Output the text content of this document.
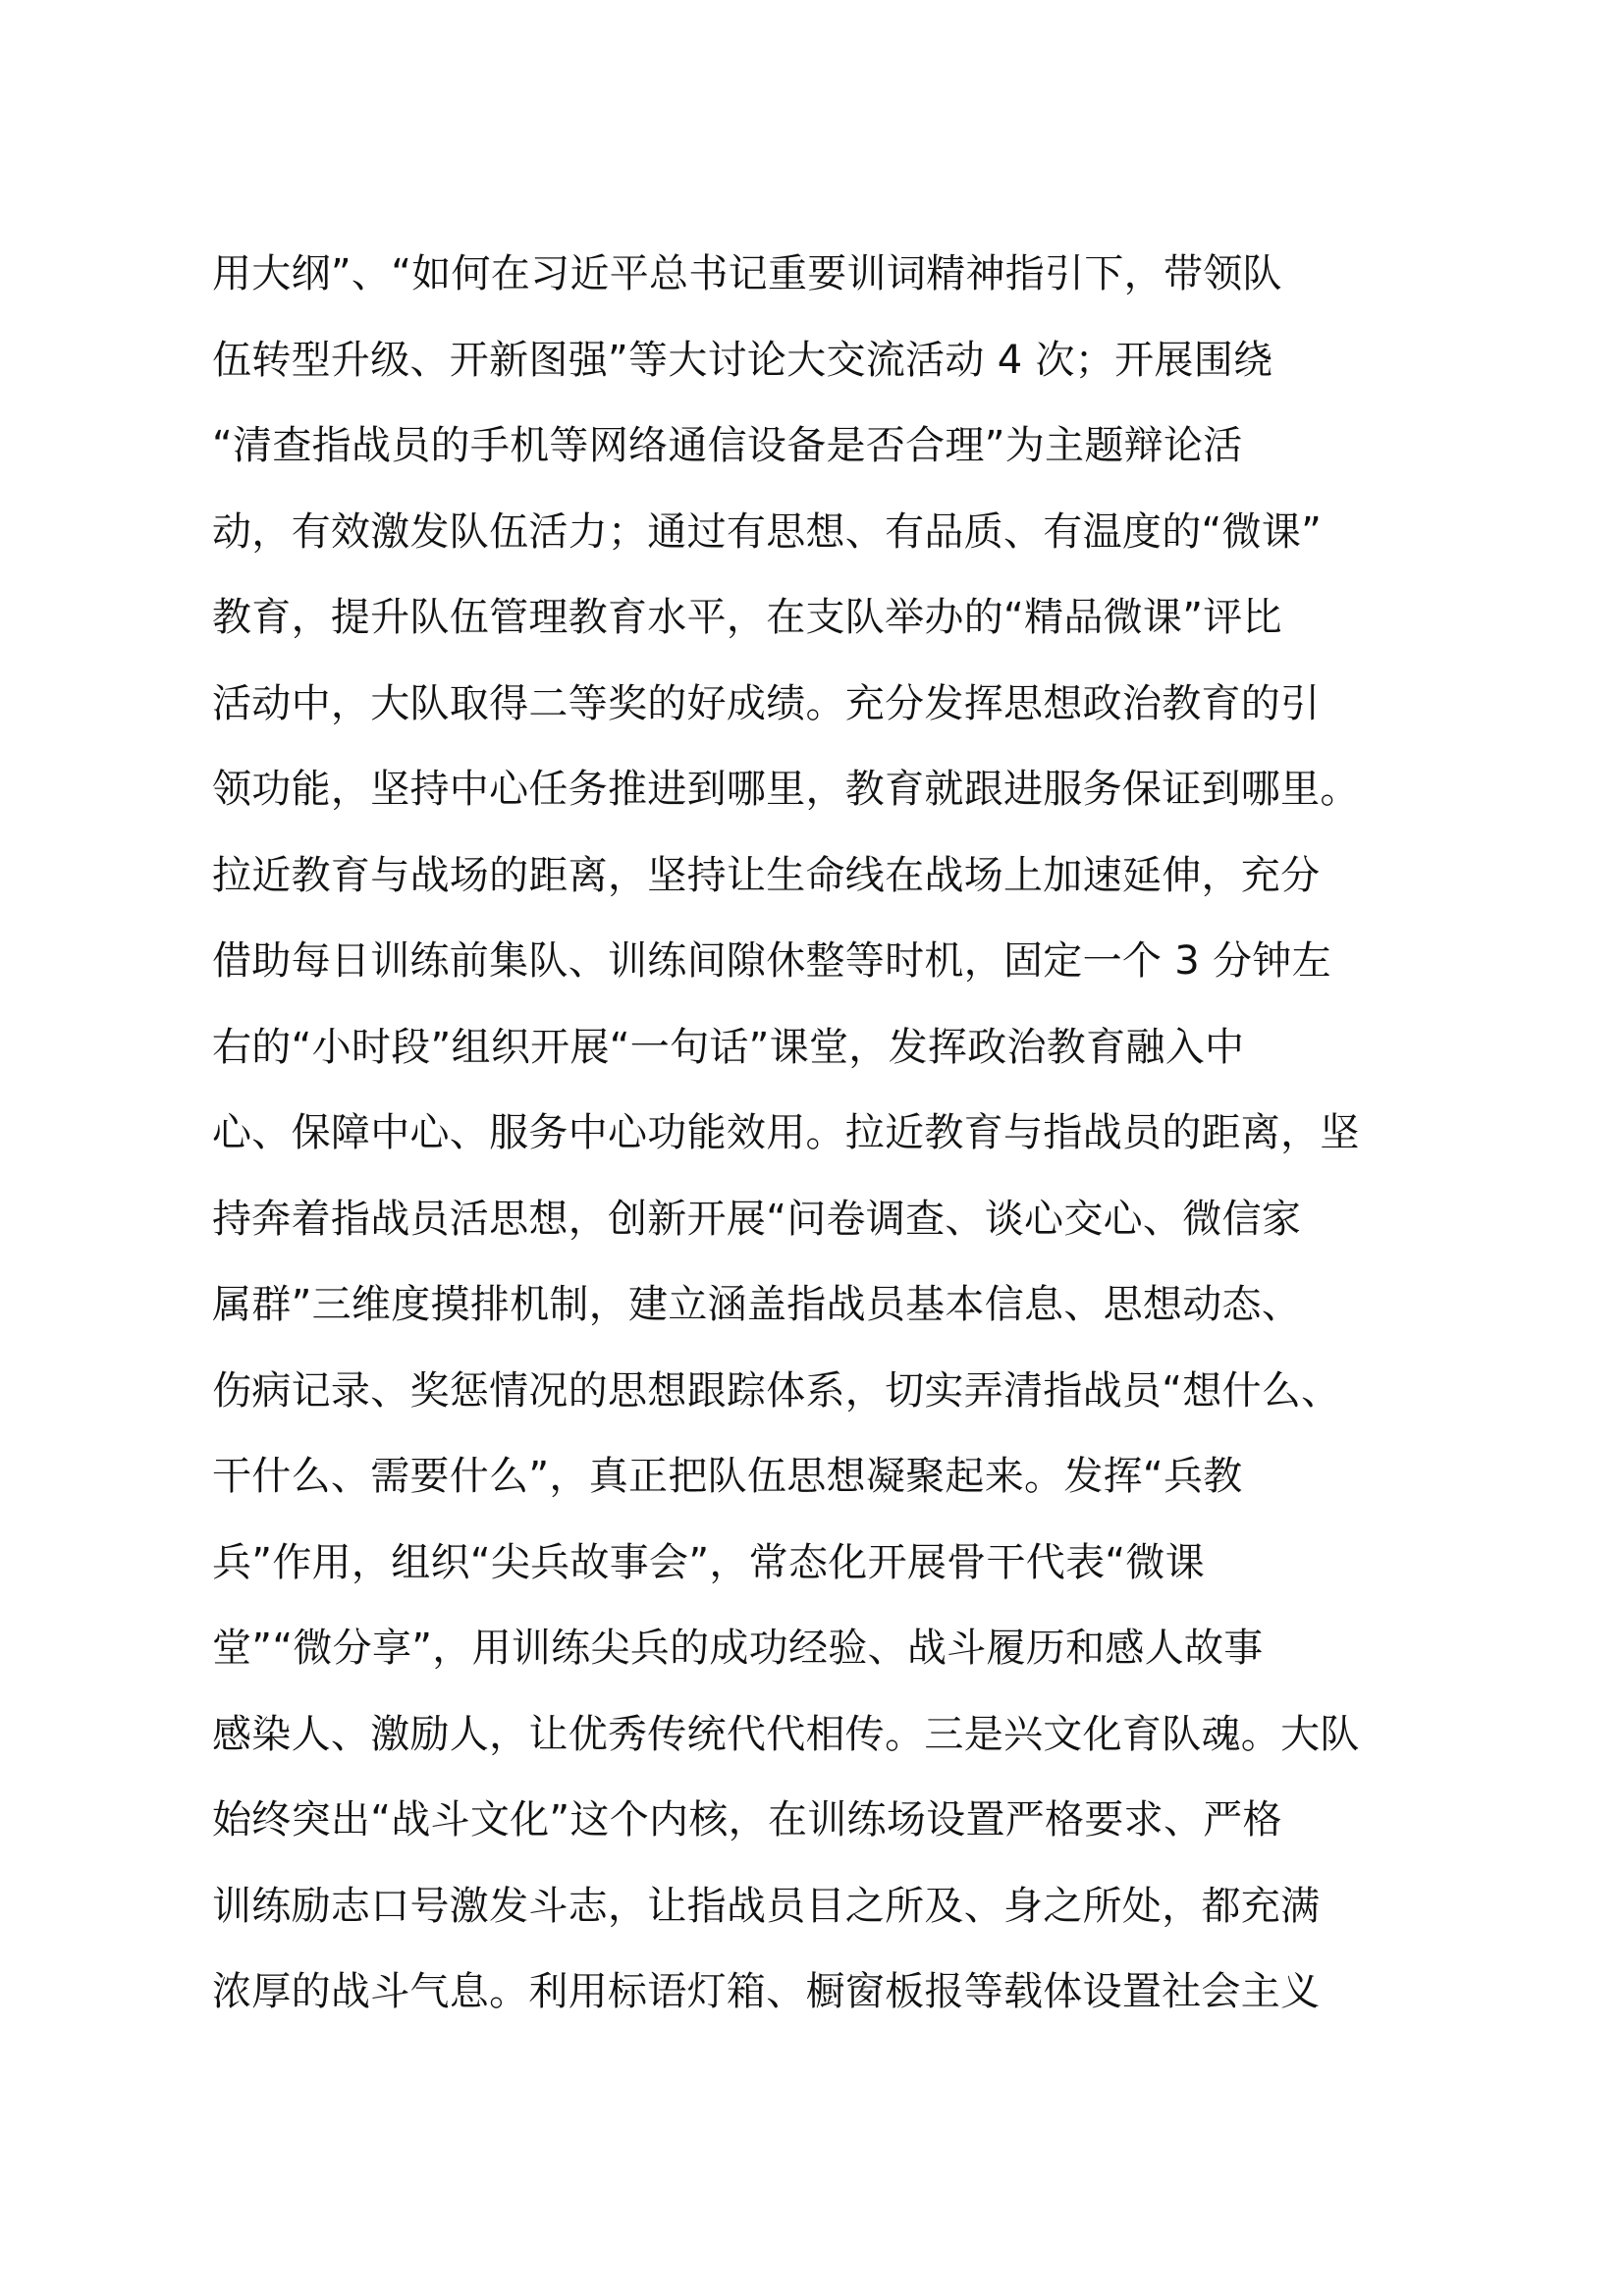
用大纲”、“如何在习近平总书记重要训词精神指引下，带领队
伍转型升级、开新图强”等大讨论大交流活动 4 次；开展围绕
“清查指战员的手机等网络通信设备是否合理”为主题辩论活
动，有效激发队伍活力；通过有思想、有品质、有温度的“微课”
教育，提升队伍管理教育水平，在支队举办的“精品微课”评比
活动中，大队取得二等奖的好成绩。充分发挥思想政治教育的引
领功能，坚持中心任务推进到哪里，教育就跟进服务保证到哪里。
拉近教育与战场的距离，坚持让生命线在战场上加速延伸，充分
借助每日训练前集队、训练间隙休整等时机，固定一个 3 分钟左
右的“小时段”组织开展“一句话”课堂，发挥政治教育融入中
心、保障中心、服务中心功能效用。拉近教育与指战员的距离，坚
持奔着指战员活思想，创新开展“问卷调查、谈心交心、微信家
属群”三维度摸排机制，建立涵盖指战员基本信息、思想动态、
伤病记录、奖惩情况的思想跟踪体系，切实弄清指战员“想什么、
干什么、需要什么”，真正把队伍思想凝聚起来。发挥“兵教
兵”作用，组织“尖兵故事会”，常态化开展骨干代表“微课
堂”“微分享”，用训练尖兵的成功经验、战斗履历和感人故事
感染人、激励人，让优秀传统代代相传。三是兴文化育队魂。大队
始终突出“战斗文化”这个内核，在训练场设置严格要求、严格
训练励志口号激发斗志，让指战员目之所及、身之所处，都充满
浓厚的战斗气息。利用标语灯箱、橱窗板报等载体设置社会主义
